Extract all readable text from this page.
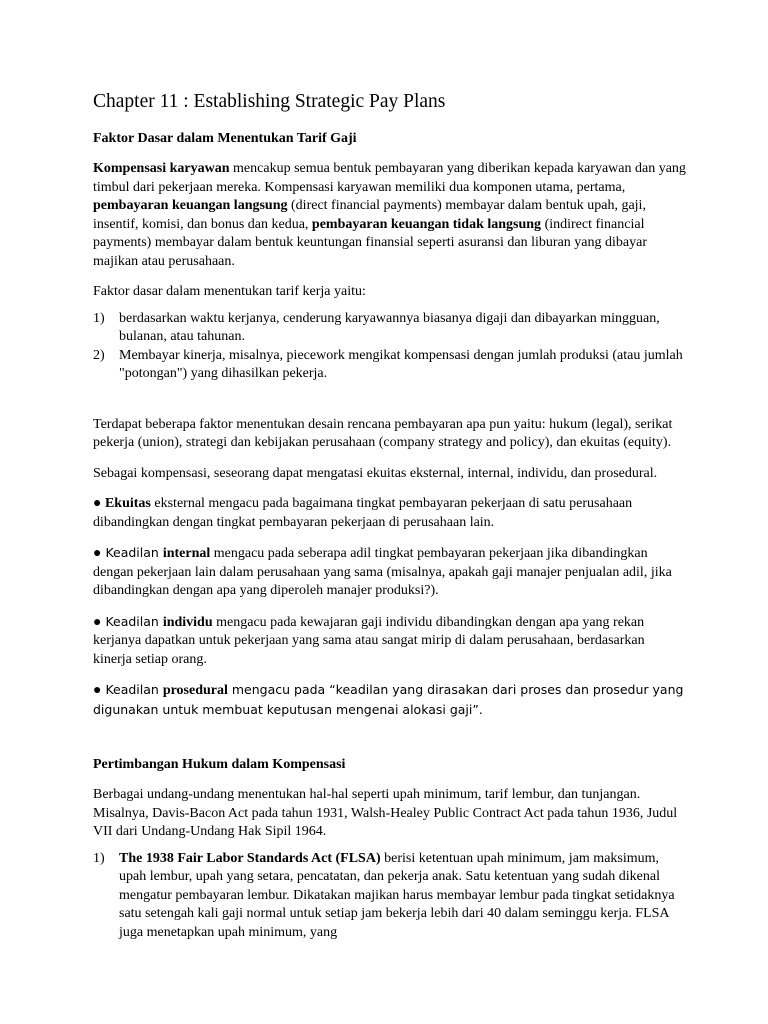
Chapter 11 : Establishing Strategic Pay Plans
Faktor Dasar dalam Menentukan Tarif Gaji

Kompensasi karyawan mencakup semua bentuk pembayaran yang diberikan kepada karyawan dan yang timbul dari pekerjaan mereka. Kompensasi karyawan memiliki dua komponen utama, pertama, pembayaran keuangan langsung (direct financial payments) membayar dalam bentuk upah, gaji, insentif, komisi, dan bonus dan kedua, pembayaran keuangan tidak langsung (indirect financial payments) membayar dalam bentuk keuntungan finansial seperti asuransi dan liburan yang dibayar majikan atau perusahaan.

Faktor dasar dalam menentukan tarif kerja yaitu:

1)	berdasarkan waktu kerjanya, cenderung karyawannya biasanya digaji dan dibayarkan mingguan, bulanan, atau tahunan.
2)	Membayar kinerja, misalnya, piecework mengikat kompensasi dengan jumlah produksi (atau jumlah "potongan") yang dihasilkan pekerja.

Terdapat beberapa faktor menentukan desain rencana pembayaran apa pun yaitu: hukum (legal), serikat pekerja (union), strategi dan kebijakan perusahaan (company strategy and policy), dan ekuitas (equity).

Sebagai kompensasi, seseorang dapat mengatasi ekuitas eksternal, internal, individu, dan prosedural.

● Ekuitas eksternal mengacu pada bagaimana tingkat pembayaran pekerjaan di satu perusahaan dibandingkan dengan tingkat pembayaran pekerjaan di perusahaan lain.

● Keadilan internal mengacu pada seberapa adil tingkat pembayaran pekerjaan jika dibandingkan dengan pekerjaan lain dalam perusahaan yang sama (misalnya, apakah gaji manajer penjualan adil, jika dibandingkan dengan apa yang diperoleh manajer produksi?).

● Keadilan individu mengacu pada kewajaran gaji individu dibandingkan dengan apa yang rekan kerjanya dapatkan untuk pekerjaan yang sama atau sangat mirip di dalam perusahaan, berdasarkan kinerja setiap orang.

● Keadilan prosedural mengacu pada “keadilan yang dirasakan dari proses dan prosedur yang digunakan untuk membuat keputusan mengenai alokasi gaji”.

Pertimbangan Hukum dalam Kompensasi

Berbagai undang-undang menentukan hal-hal seperti upah minimum, tarif lembur, dan tunjangan. Misalnya, Davis-Bacon Act pada tahun 1931, Walsh-Healey Public Contract Act pada tahun 1936, Judul VII dari Undang-Undang Hak Sipil 1964.

1)	The 1938 Fair Labor Standards Act (FLSA) berisi ketentuan upah minimum, jam maksimum, upah lembur, upah yang setara, pencatatan, dan pekerja anak. Satu ketentuan yang sudah dikenal mengatur pembayaran lembur. Dikatakan majikan harus membayar lembur pada tingkat setidaknya satu setengah kali gaji normal untuk setiap jam bekerja lebih dari 40 dalam seminggu kerja. FLSA juga menetapkan upah minimum, yang
